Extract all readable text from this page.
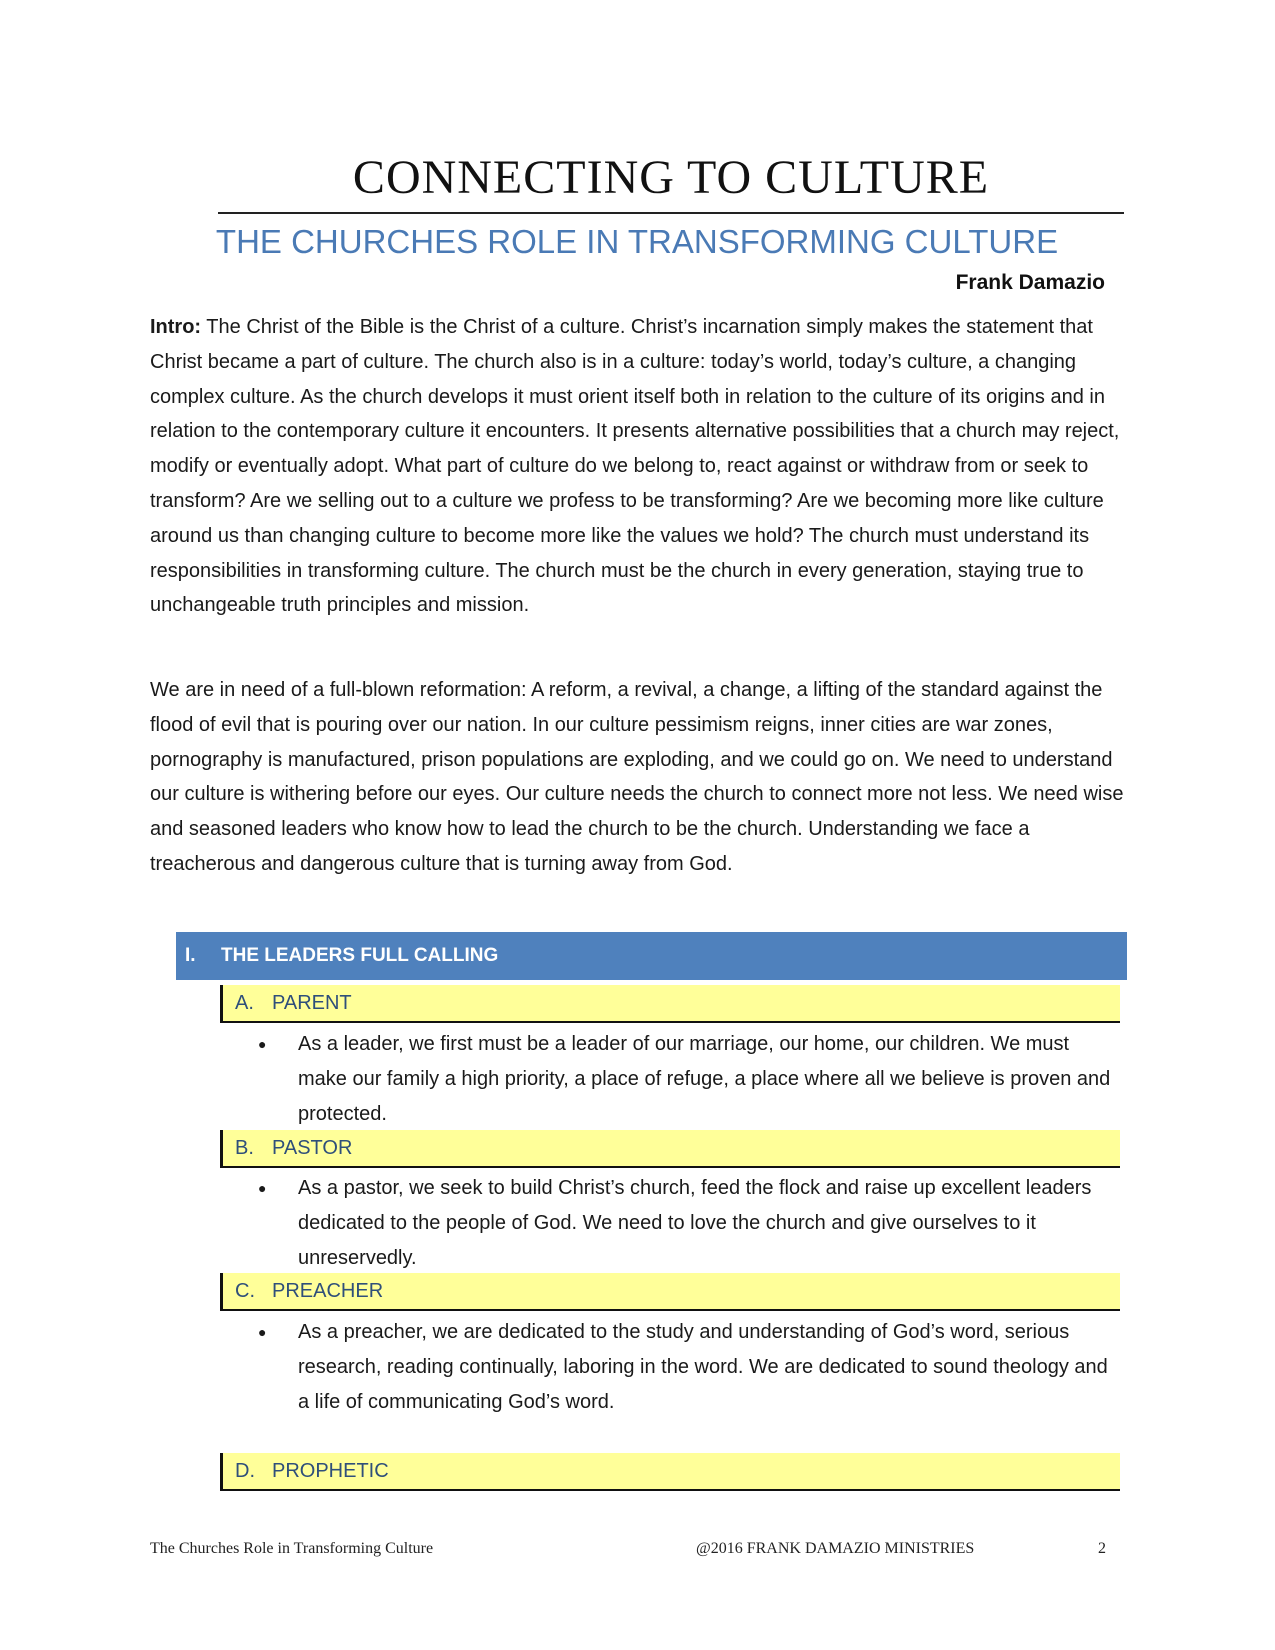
CONNECTING TO CULTURE
THE CHURCHES ROLE IN TRANSFORMING CULTURE
Frank Damazio

Intro: The Christ of the Bible is the Christ of a culture. Christ’s incarnation simply makes the statement that Christ became a part of culture. The church also is in a culture: today’s world, today’s culture, a changing complex culture. As the church develops it must orient itself both in relation to the culture of its origins and in relation to the contemporary culture it encounters. It presents alternative possibilities that a church may reject, modify or eventually adopt. What part of culture do we belong to, react against or withdraw from or seek to transform? Are we selling out to a culture we profess to be transforming? Are we becoming more like culture around us than changing culture to become more like the values we hold? The church must understand its responsibilities in transforming culture. The church must be the church in every generation, staying true to unchangeable truth principles and mission.

We are in need of a full-blown reformation: A reform, a revival, a change, a lifting of the standard against the flood of evil that is pouring over our nation. In our culture pessimism reigns, inner cities are war zones, pornography is manufactured, prison populations are exploding, and we could go on. We need to understand our culture is withering before our eyes. Our culture needs the church to connect more not less. We need wise and seasoned leaders who know how to lead the church to be the church. Understanding we face a treacherous and dangerous culture that is turning away from God.

I.	THE LEADERS FULL CALLING
A. PARENT
●	As a leader, we first must be a leader of our marriage, our home, our children. We must make our family a high priority, a place of refuge, a place where all we believe is proven and protected.
B. PASTOR
●	As a pastor, we seek to build Christ’s church, feed the flock and raise up excellent leaders dedicated to the people of God. We need to love the church and give ourselves to it unreservedly.
C. PREACHER
●	As a preacher, we are dedicated to the study and understanding of God’s word, serious research, reading continually, laboring in the word. We are dedicated to sound theology and a life of communicating God’s word.
D. PROPHETIC
The Churches Role in Transforming Culture	@2016 FRANK DAMAZIO MINISTRIES	2
